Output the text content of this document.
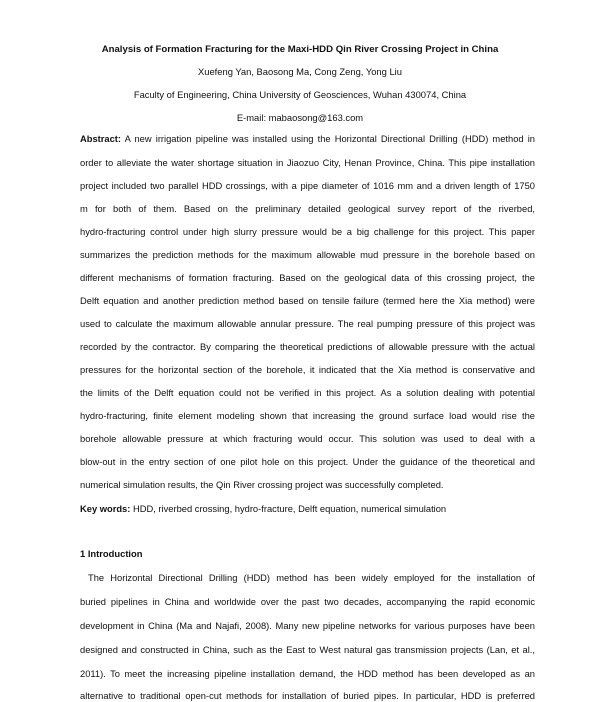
Analysis of Formation Fracturing for the Maxi-HDD Qin River Crossing Project in China
Xuefeng Yan, Baosong Ma, Cong Zeng, Yong Liu
Faculty of Engineering, China University of Geosciences, Wuhan 430074, China
E-mail: mabaosong@163.com
Abstract: A new irrigation pipeline was installed using the Horizontal Directional Drilling (HDD) method in
order to alleviate the water shortage situation in Jiaozuo City, Henan Province, China. This pipe installation
project included two parallel HDD crossings, with a pipe diameter of 1016 mm and a driven length of 1750
m for both of them. Based on the preliminary detailed geological survey report of the riverbed,
hydro-fracturing control under high slurry pressure would be a big challenge for this project. This paper
summarizes the prediction methods for the maximum allowable mud pressure in the borehole based on
different mechanisms of formation fracturing. Based on the geological data of this crossing project, the
Delft equation and another prediction method based on tensile failure (termed here the Xia method) were
used to calculate the maximum allowable annular pressure. The real pumping pressure of this project was
recorded by the contractor. By comparing the theoretical predictions of allowable pressure with the actual
pressures for the horizontal section of the borehole, it indicated that the Xia method is conservative and
the limits of the Delft equation could not be verified in this project. As a solution dealing with potential
hydro-fracturing, finite element modeling shown that increasing the ground surface load would rise the
borehole allowable pressure at which fracturing would occur. This solution was used to deal with a
blow-out in the entry section of one pilot hole on this project. Under the guidance of the theoretical and
numerical simulation results, the Qin River crossing project was successfully completed.
Key words: HDD, riverbed crossing, hydro-fracture, Delft equation, numerical simulation
1 Introduction
The Horizontal Directional Drilling (HDD) method has been widely employed for the installation of
buried pipelines in China and worldwide over the past two decades, accompanying the rapid economic
development in China (Ma and Najafi, 2008). Many new pipeline networks for various purposes have been
designed and constructed in China, such as the East to West natural gas transmission projects (Lan, et al.,
2011). To meet the increasing pipeline installation demand, the HDD method has been developed as an
alternative to traditional open-cut methods for installation of buried pipes. In particular, HDD is preferred
